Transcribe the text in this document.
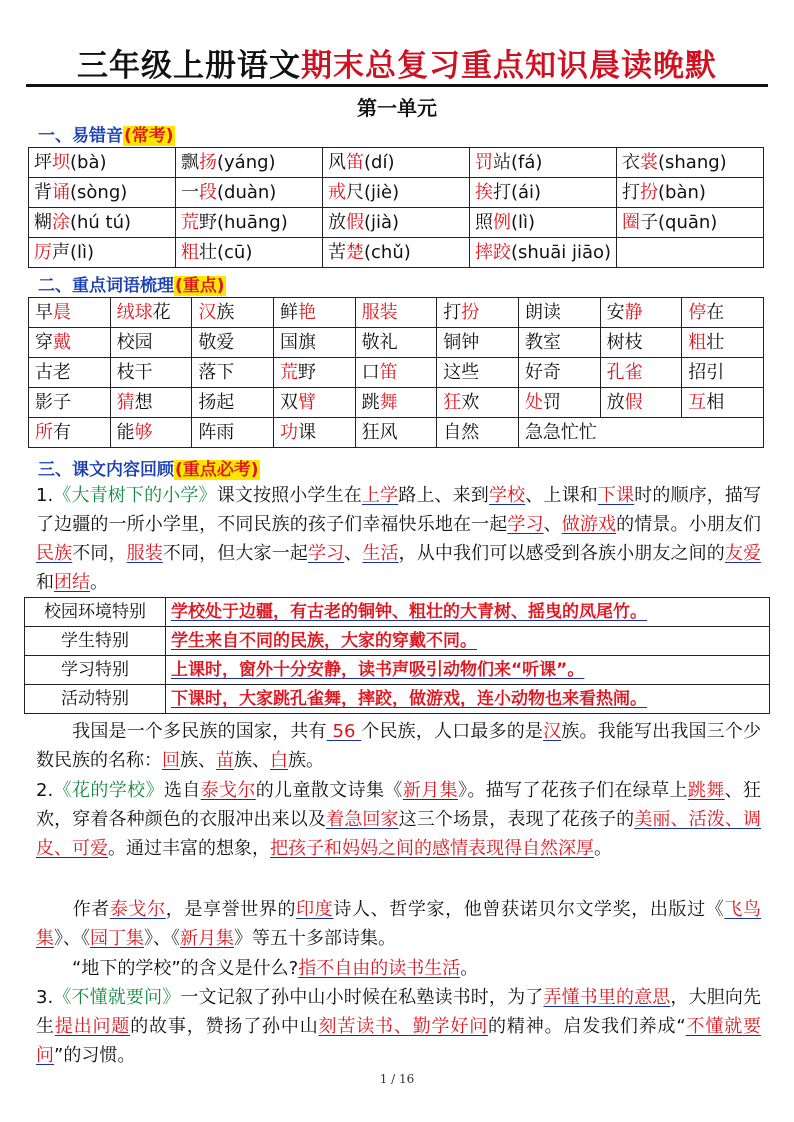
三年级上册语文期末总复习重点知识晨读晚默
第一单元
一、易错音(常考)
坪坝(bà)	飘扬(yáng)	风笛(dí)	罚站(fá)	衣裳(shang)
背诵(sòng)	一段(duàn)	戒尺(jiè)	挨打(ái)	打扮(bàn)
糊涂(hú tú)	荒野(huāng)	放假(jià)	照例(lì)	圈子(quān)
厉声(lì)	粗壮(cū)	苦楚(chǔ)	摔跤(shuāi jiāo)	
二、重点词语梳理(重点)
早晨	绒球花	汉族	鲜艳	服装	打扮	朗读	安静	停在
穿戴	校园	敬爱	国旗	敬礼	铜钟	教室	树枝	粗壮
古老	枝干	落下	荒野	口笛	这些	好奇	孔雀	招引
影子	猜想	扬起	双臂	跳舞	狂欢	处罚	放假	互相
所有	能够	阵雨	功课	狂风	自然	急急忙忙		
三、课文内容回顾(重点必考)
1.《大青树下的小学》课文按照小学生在上学路上、来到学校、上课和下课时的顺序，描写了边疆的一所小学里，不同民族的孩子们幸福快乐地在一起学习、做游戏的情景。小朋友们民族不同，服装不同，但大家一起学习、生活，从中我们可以感受到各族小朋友之间的友爱和团结。
校园环境特别	学校处于边疆，有古老的铜钟、粗壮的大青树、摇曳的凤尾竹。
学生特别	学生来自不同的民族，大家的穿戴不同。
学习特别	上课时，窗外十分安静，读书声吸引动物们来“听课”。
活动特别	下课时，大家跳孔雀舞，摔跤，做游戏，连小动物也来看热闹。
我国是一个多民族的国家，共有 56 个民族，人口最多的是汉族。我能写出我国三个少数民族的名称：回族、苗族、白族。
2.《花的学校》选自泰戈尔的儿童散文诗集《新月集》。描写了花孩子们在绿草上跳舞、狂欢，穿着各种颜色的衣服冲出来以及着急回家这三个场景，表现了花孩子的美丽、活泼、调皮、可爱。通过丰富的想象，把孩子和妈妈之间的感情表现得自然深厚。
作者泰戈尔，是享誉世界的印度诗人、哲学家，他曾获诺贝尔文学奖，出版过《飞鸟集》、《园丁集》、《新月集》等五十多部诗集。
“地下的学校”的含义是什么?指不自由的读书生活。
3.《不懂就要问》一文记叙了孙中山小时候在私塾读书时，为了弄懂书里的意思，大胆向先生提出问题的故事，赞扬了孙中山刻苦读书、勤学好问的精神。启发我们养成“不懂就要问”的习惯。
1 / 16
